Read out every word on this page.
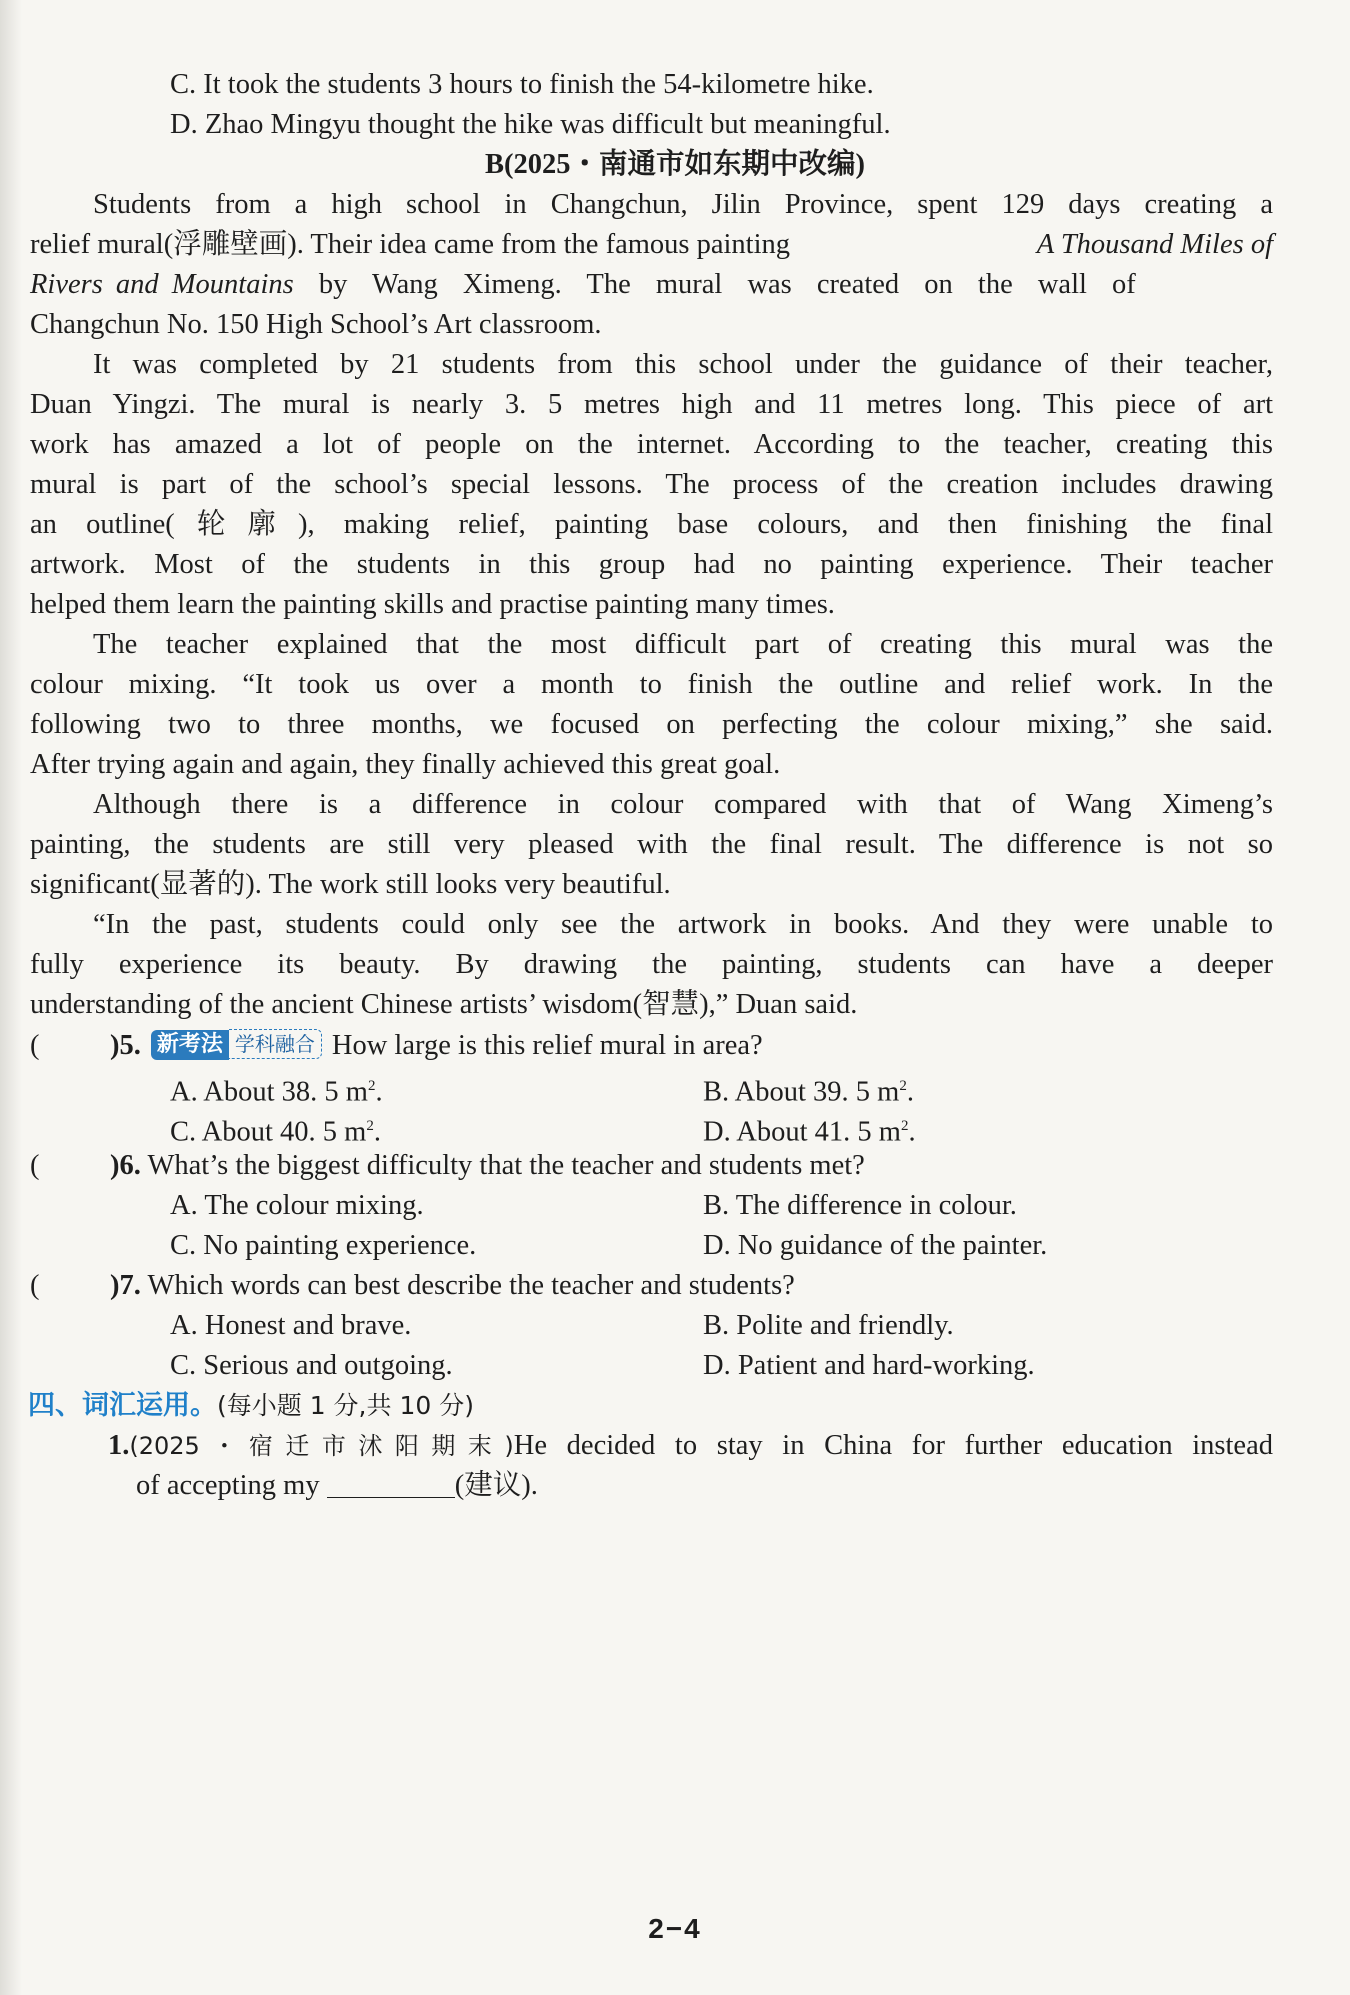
C. It took the students 3 hours to finish the 54-kilometre hike.
D. Zhao Mingyu thought the hike was difficult but meaningful.
B(2025・南通市如东期中改编)
Students from a high school in Changchun, Jilin Province, spent 129 days creating a
relief mural(浮雕壁画). Their idea came from the famous painting	A Thousand Miles of
Rivers and Mountains by Wang Ximeng. The mural was created on the wall of
Changchun No. 150 High School’s Art classroom.
It was completed by 21 students from this school under the guidance of their teacher,
Duan Yingzi. The mural is nearly 3. 5 metres high and 11 metres long. This piece of art
work has amazed a lot of people on the internet. According to the teacher, creating this
mural is part of the school’s special lessons. The process of the creation includes drawing
an outline(轮廓), making relief, painting base colours, and then finishing the final
artwork. Most of the students in this group had no painting experience. Their teacher
helped them learn the painting skills and practise painting many times.
The teacher explained that the most difficult part of creating this mural was the
colour mixing. “It took us over a month to finish the outline and relief work. In the
following two to three months, we focused on perfecting the colour mixing,” she said.
After trying again and again, they finally achieved this great goal.
Although there is a difference in colour compared with that of Wang Ximeng’s
painting, the students are still very pleased with the final result. The difference is not so
significant(显著的). The work still looks very beautiful.
“In the past, students could only see the artwork in books. And they were unable to
fully experience its beauty. By drawing the painting, students can have a deeper
understanding of the ancient Chinese artists’ wisdom(智慧),” Duan said.
( )5. 新考法 学科融合 How large is this relief mural in area?
A. About 38. 5 $m^2$.	B. About 39. 5 $m^2$.
C. About 40. 5 $m^2$.	D. About 41. 5 $m^2$.
( )6. What’s the biggest difficulty that the teacher and students met?
A. The colour mixing.	B. The difference in colour.
C. No painting experience.	D. No guidance of the painter.
( )7. Which words can best describe the teacher and students?
A. Honest and brave.	B. Polite and friendly.
C. Serious and outgoing.	D. Patient and hard-working.
四、词汇运用。(每小题 1 分,共 10 分)
1.(2025・宿迁市沭阳期末)He decided to stay in China for further education instead
of accepting my	(建议).
2−4
